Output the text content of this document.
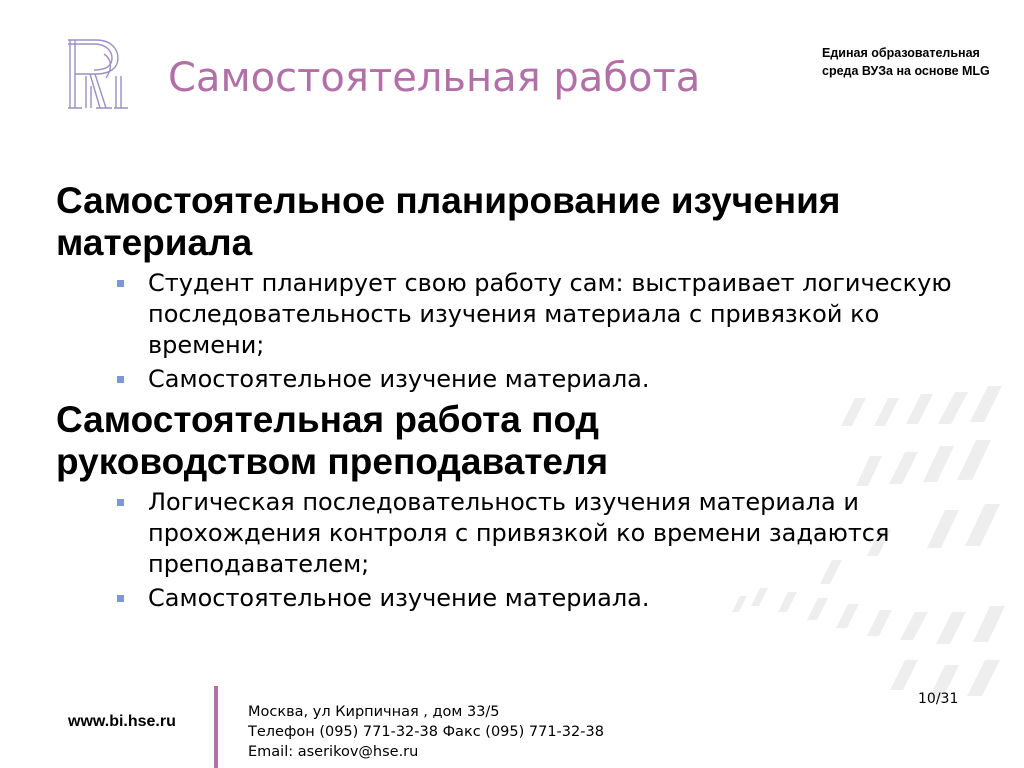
Самостоятельная работа
Единая образовательная
среда ВУЗа на основе MLG
Самостоятельное планирование изучения материала
Студент планирует свою работу сам: выстраивает логическую последовательность изучения материала с привязкой ко времени;
Самостоятельное изучение материала.
Самостоятельная работа под руководством преподавателя
Логическая последовательность изучения материала и прохождения контроля с привязкой ко времени задаются преподавателем;
Самостоятельное изучение материала.
10/31
www.bi.hse.ru
Москва, ул Кирпичная , дом 33/5
Телефон (095) 771-32-38 Факс (095) 771-32-38
Email: aserikov@hse.ru
